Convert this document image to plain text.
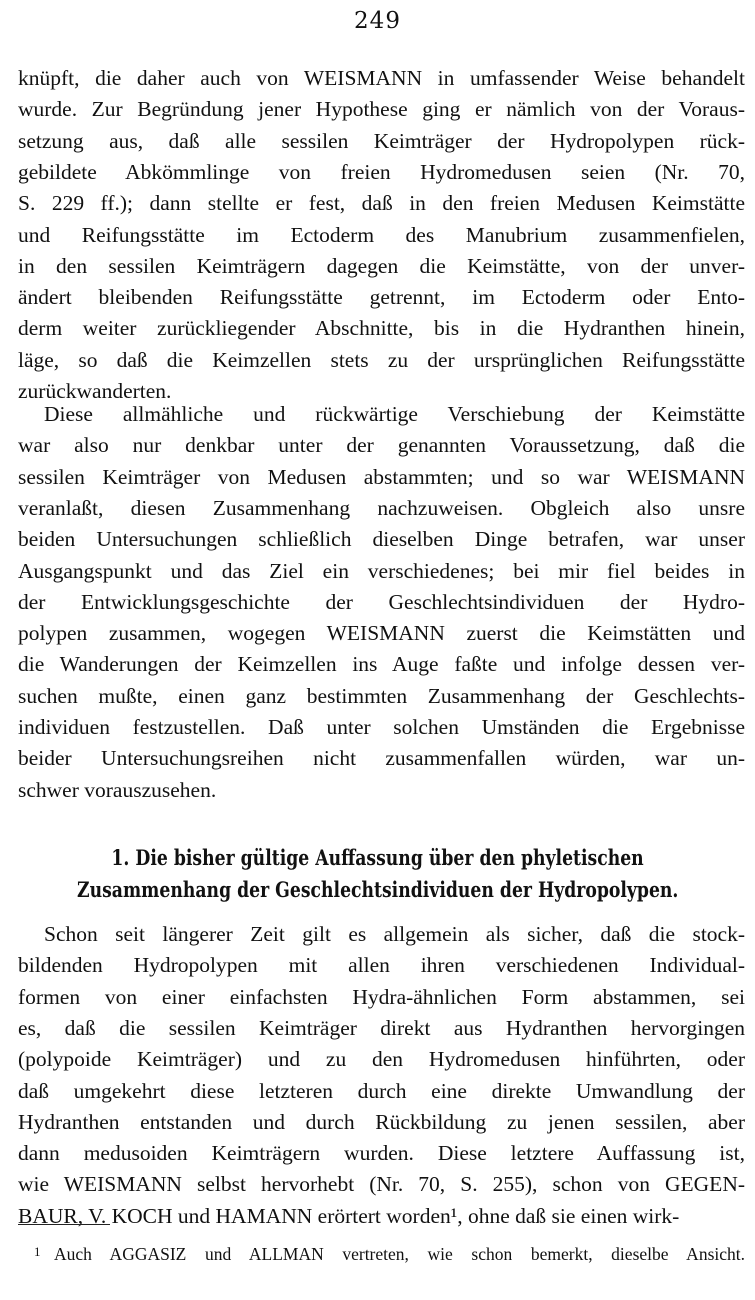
249
knüpft, die daher auch von WEISMANN in umfassender Weise behandelt
wurde. Zur Begründung jener Hypothese ging er nämlich von der Voraus-
setzung aus, daß alle sessilen Keimträger der Hydropolypen rück-
gebildete Abkömmlinge von freien Hydromedusen seien (Nr. 70,
S. 229 ff.); dann stellte er fest, daß in den freien Medusen Keimstätte
und Reifungsstätte im Ectoderm des Manubrium zusammenfielen,
in den sessilen Keimträgern dagegen die Keimstätte, von der unver-
ändert bleibenden Reifungsstätte getrennt, im Ectoderm oder Ento-
derm weiter zurückliegender Abschnitte, bis in die Hydranthen hinein,
läge, so daß die Keimzellen stets zu der ursprünglichen Reifungsstätte
zurückwanderten.
Diese allmähliche und rückwärtige Verschiebung der Keimstätte
war also nur denkbar unter der genannten Voraussetzung, daß die
sessilen Keimträger von Medusen abstammten; und so war WEISMANN
veranlaßt, diesen Zusammenhang nachzuweisen. Obgleich also unsre
beiden Untersuchungen schließlich dieselben Dinge betrafen, war unser
Ausgangspunkt und das Ziel ein verschiedenes; bei mir fiel beides in
der Entwicklungsgeschichte der Geschlechtsindividuen der Hydro-
polypen zusammen, wogegen WEISMANN zuerst die Keimstätten und
die Wanderungen der Keimzellen ins Auge faßte und infolge dessen ver-
suchen mußte, einen ganz bestimmten Zusammenhang der Geschlechts-
individuen festzustellen. Daß unter solchen Umständen die Ergebnisse
beider Untersuchungsreihen nicht zusammenfallen würden, war un-
schwer vorauszusehen.
1. Die bisher gültige Auffassung über den phyletischen
Zusammenhang der Geschlechtsindividuen der Hydropolypen.
Schon seit längerer Zeit gilt es allgemein als sicher, daß die stock-
bildenden Hydropolypen mit allen ihren verschiedenen Individual-
formen von einer einfachsten Hydra-ähnlichen Form abstammen, sei
es, daß die sessilen Keimträger direkt aus Hydranthen hervorgingen
(polypoide Keimträger) und zu den Hydromedusen hinführten, oder
daß umgekehrt diese letzteren durch eine direkte Umwandlung der
Hydranthen entstanden und durch Rückbildung zu jenen sessilen, aber
dann medusoiden Keimträgern wurden. Diese letztere Auffassung ist,
wie WEISMANN selbst hervorhebt (Nr. 70, S. 255), schon von GEGEN-
BAUR, V. KOCH und HAMANN erörtert worden¹, ohne daß sie einen wirk-
1 Auch AGGASIZ und ALLMAN vertreten, wie schon bemerkt, dieselbe Ansicht.
